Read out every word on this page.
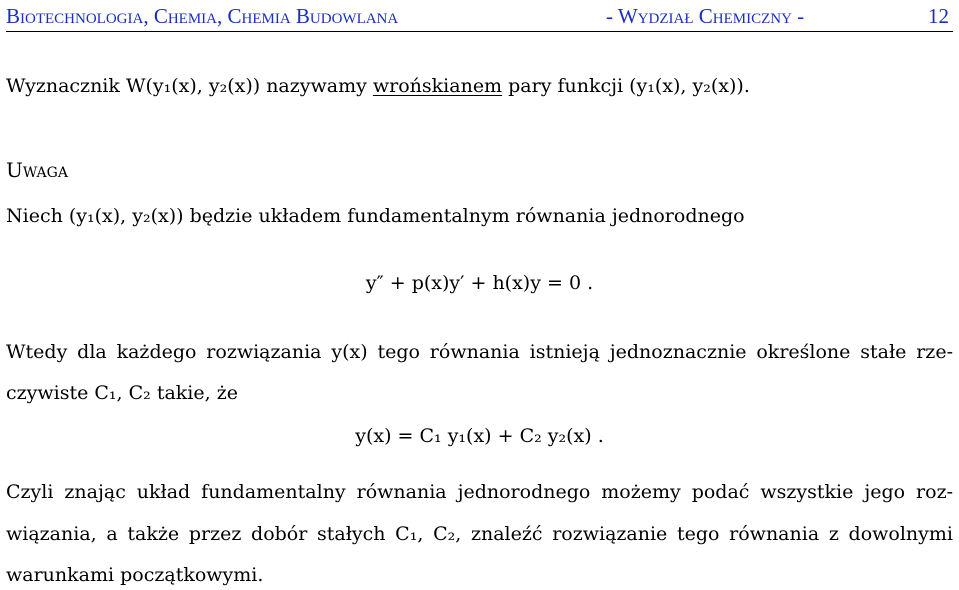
Biotechnologia, Chemia, Chemia Budowlana	- Wydział Chemiczny -	12
Wyznacznik W(y₁(x), y₂(x)) nazywamy wrońskianem pary funkcji (y₁(x), y₂(x)).
Uwaga
Niech (y₁(x), y₂(x)) będzie układem fundamentalnym równania jednorodnego
y″ + p(x)y′ + h(x)y = 0 .
Wtedy dla każdego rozwiązania y(x) tego równania istnieją jednoznacznie określone stałe rze-
czywiste C₁, C₂ takie, że
y(x) = C₁ y₁(x) + C₂ y₂(x) .
Czyli znając układ fundamentalny równania jednorodnego możemy podać wszystkie jego roz-
wiązania, a także przez dobór stałych C₁, C₂, znaleźć rozwiązanie tego równania z dowolnymi
warunkami początkowymi.
